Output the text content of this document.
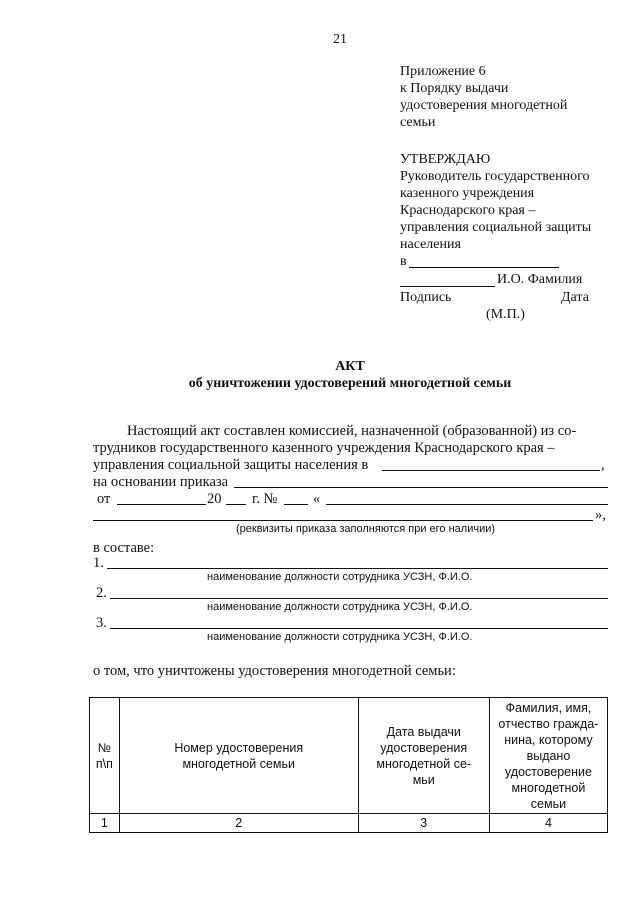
21
Приложение 6
к Порядку выдачи
удостоверения многодетной
семьи
УТВЕРЖДАЮ
Руководитель государственного
казенного учреждения
Краснодарского края –
управления социальной защиты
населения
в
И.О. Фамилия
Подпись	Дата
(М.П.)
АКТ
об уничтожении удостоверений многодетной семьи
Настоящий акт составлен комиссией, назначенной (образованной) из со-
трудников государственного казенного учреждения Краснодарского края –
управления социальной защиты населения в	,
на основании приказа
от	20 г. № «
»,
(реквизиты приказа заполняются при его наличии)
в составе:
1.
наименование должности сотрудника УСЗН, Ф.И.О.
2.
наименование должности сотрудника УСЗН, Ф.И.О.
3.
наименование должности сотрудника УСЗН, Ф.И.О.
о том, что уничтожены удостоверения многодетной семьи:
№ п\п	Номер удостоверения многодетной семьи	Дата выдачи удостоверения многодетной се-мьи	Фамилия, имя, отчество гражда-нина, которому выдано удостоверение многодетной семьи
1	2	3	4
